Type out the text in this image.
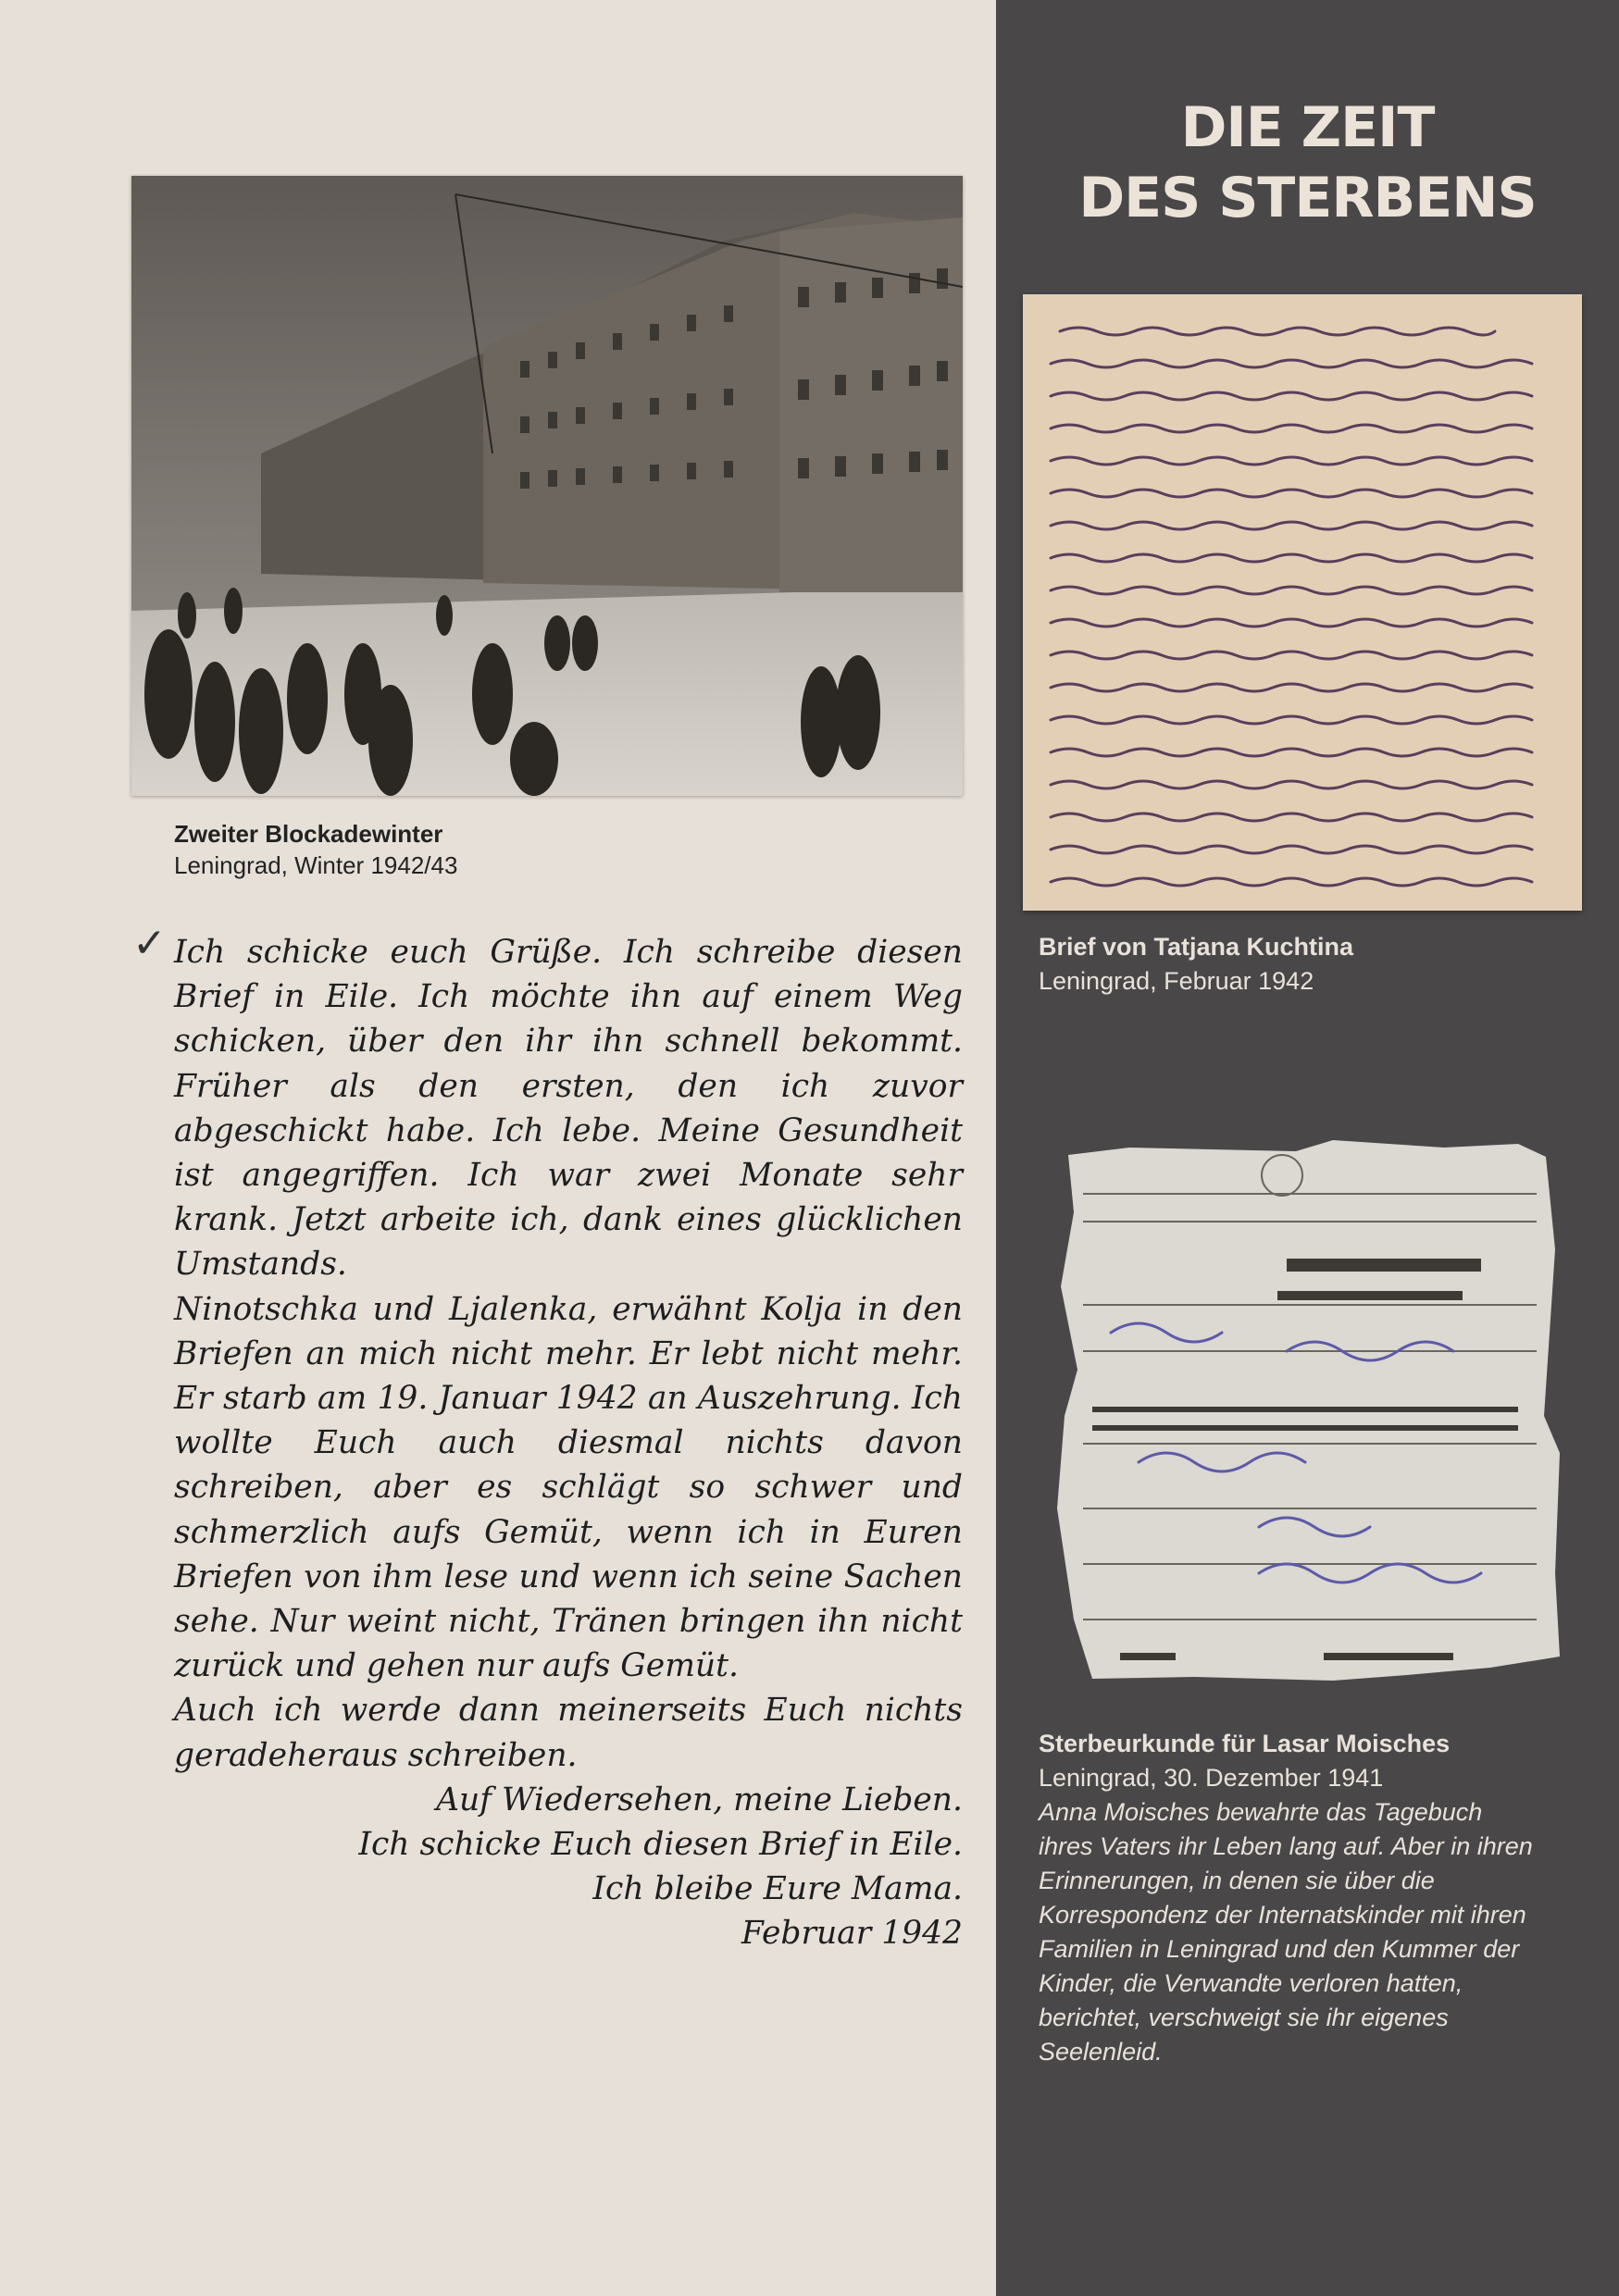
DIE ZEIT
DES STERBENS
Zweiter Blockadewinter
Leningrad, Winter 1942/43
Brief von Tatjana Kuchtina
Leningrad, Februar 1942
Sterbeurkunde für Lasar Moisches
Leningrad, 30. Dezember 1941
Anna Moisches bewahrte das Tagebuch ihres Vaters ihr Leben lang auf. Aber in ihren Erinnerungen, in denen sie über die Korrespondenz der Internatskinder mit ihren Familien in Leningrad und den Kummer der Kinder, die Verwandte verloren hatten, berichtet, verschweigt sie ihr eigenes Seelenleid.
✓ Ich schicke euch Grüße. Ich schreibe diesen Brief in Eile. Ich möchte ihn auf einem Weg schicken, über den ihr ihn schnell bekommt. Früher als den ersten, den ich zuvor abgeschickt habe. Ich lebe. Meine Gesundheit ist angegriffen. Ich war zwei Monate sehr krank. Jetzt arbeite ich, dank eines glücklichen Umstands.

Ninotschka und Ljalenka, erwähnt Kolja in den Briefen an mich nicht mehr. Er lebt nicht mehr. Er starb am 19. Januar 1942 an Auszehrung. Ich wollte Euch auch diesmal nichts davon schreiben, aber es schlägt so schwer und schmerzlich aufs Gemüt, wenn ich in Euren Briefen von ihm lese und wenn ich seine Sachen sehe. Nur weint nicht, Tränen bringen ihn nicht zurück und gehen nur aufs Gemüt.

Auch ich werde dann meinerseits Euch nichts geradeheraus schreiben.

Auf Wiedersehen, meine Lieben.

Ich schicke Euch diesen Brief in Eile.

Ich bleibe Eure Mama.

Februar 1942
